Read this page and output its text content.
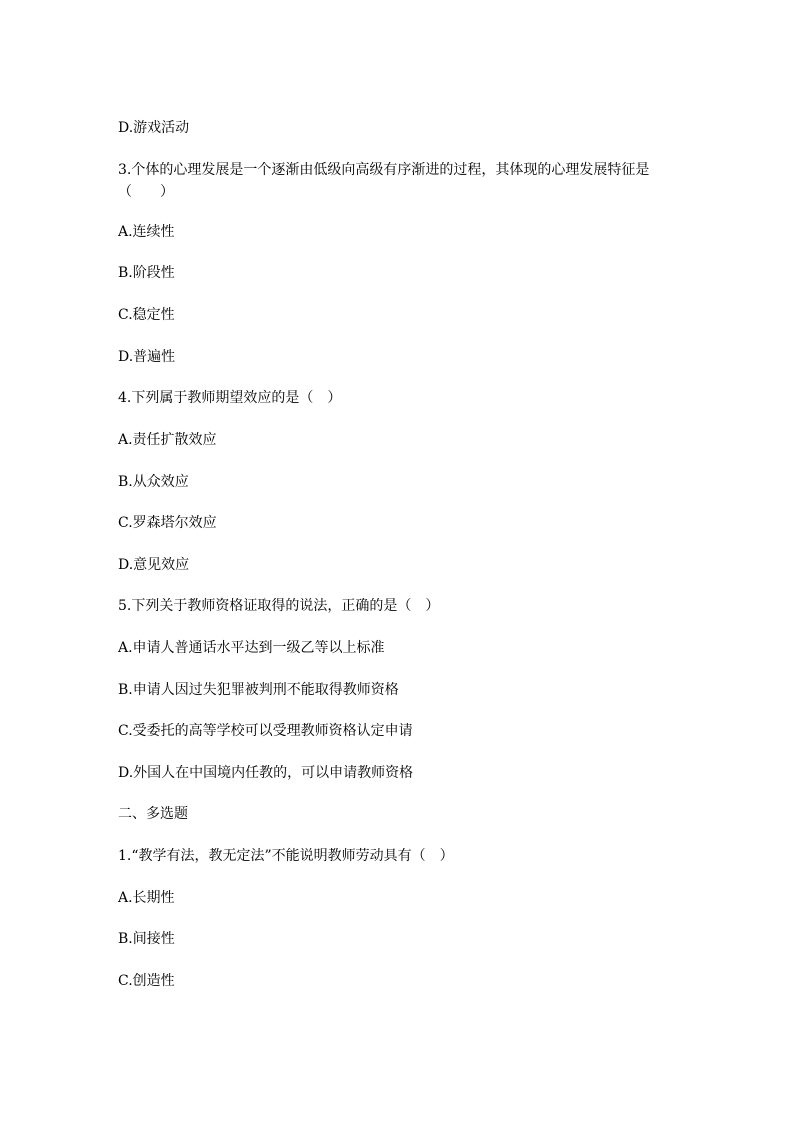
D.游戏活动
3.个体的心理发展是一个逐渐由低级向高级有序渐进的过程，其体现的心理发展特征是（　　）
A.连续性
B.阶段性
C.稳定性
D.普遍性
4.下列属于教师期望效应的是（　）
A.责任扩散效应
B.从众效应
C.罗森塔尔效应
D.意见效应
5.下列关于教师资格证取得的说法，正确的是（　）
A.申请人普通话水平达到一级乙等以上标准
B.申请人因过失犯罪被判刑不能取得教师资格
C.受委托的高等学校可以受理教师资格认定申请
D.外国人在中国境内任教的，可以申请教师资格
二、多选题
1.“教学有法，教无定法”不能说明教师劳动具有（　）
A.长期性
B.间接性
C.创造性
